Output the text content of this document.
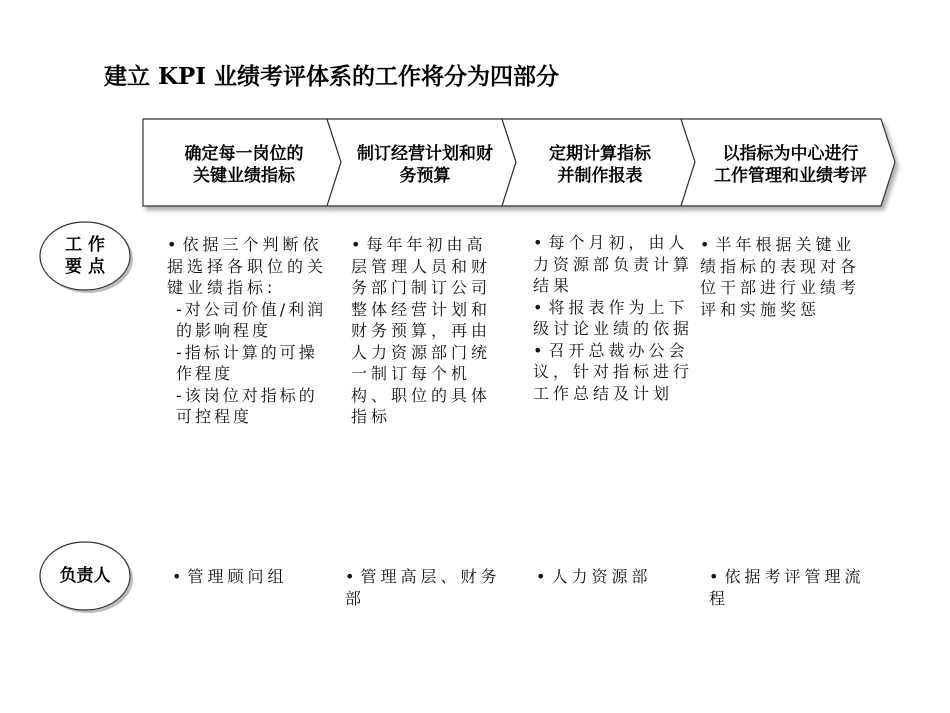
建立 KPI 业绩考评体系的工作将分为四部分
确定每一岗位的
关键业绩指标
制订经营计划和财
务预算
定期计算指标
并制作报表
以指标为中心进行
工作管理和业绩考评
工 作
要 点
负责人

• 依据三个判断依据选择各职位的关键业绩指标:

-对公司价值/利润的影响程度

-指标计算的可操作程度

-该岗位对指标的可控程度

• 每年年初由高层管理人员和财务部门制订公司整体经营计划和财务预算，再由人力资源部门统一制订每个机构、职位的具体指标

• 每个月初，由人力资源部负责计算结果

• 将报表作为上下级讨论业绩的依据

• 召开总裁办公会议，针对指标进行工作总结及计划

• 半年根据关键业绩指标的表现对各位干部进行业绩考评和实施奖惩

• 管理顾问组	• 管理高层、财务部

• 人力资源部	• 依据考评管理流程
